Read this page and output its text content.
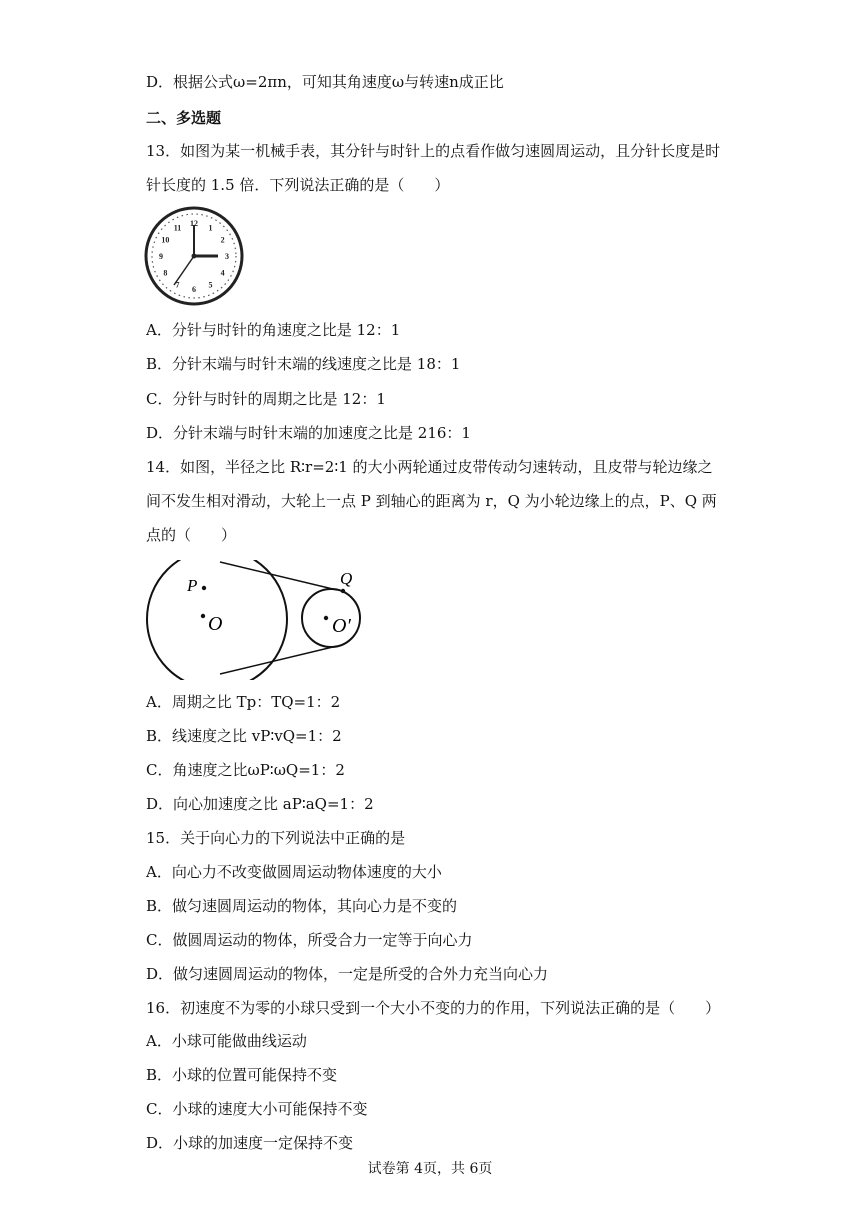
D．根据公式ω=2πn，可知其角速度ω与转速n成正比
二、多选题
13．如图为某一机械手表，其分针与时针上的点看作做匀速圆周运动，且分针长度是时
针长度的 1.5 倍．下列说法正确的是（　　）
12 1
2
3
4
5
6
7
8
9
10
11
A．分针与时针的角速度之比是 12：1
B．分针末端与时针末端的线速度之比是 18：1
C．分针与时针的周期之比是 12：1
D．分针末端与时针末端的加速度之比是 216：1
14．如图，半径之比 R∶r=2∶1 的大小两轮通过皮带传动匀速转动，且皮带与轮边缘之
间不发生相对滑动，大轮上一点 P 到轴心的距离为 r，Q 为小轮边缘上的点，P、Q 两
点的（　　）
P
O	O′
Q
A．周期之比 Tp：TQ=1：2
B．线速度之比 vP∶vQ=1：2
C．角速度之比ωP∶ωQ=1：2
D．向心加速度之比 aP∶aQ=1：2
15．关于向心力的下列说法中正确的是
A．向心力不改变做圆周运动物体速度的大小
B．做匀速圆周运动的物体，其向心力是不变的
C．做圆周运动的物体，所受合力一定等于向心力
D．做匀速圆周运动的物体，一定是所受的合外力充当向心力
16．初速度不为零的小球只受到一个大小不变的力的作用，下列说法正确的是（　　）
A．小球可能做曲线运动
B．小球的位置可能保持不变
C．小球的速度大小可能保持不变
D．小球的加速度一定保持不变
试卷第 4页，共 6页
